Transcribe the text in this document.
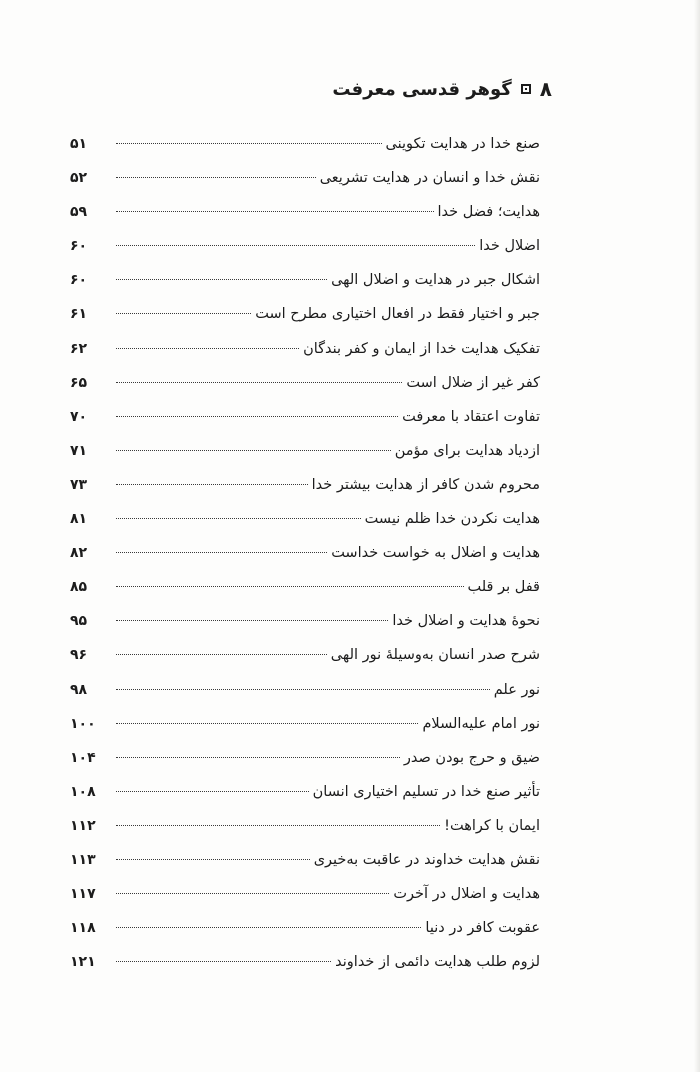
۸
گوهر قدسی معرفت
صنع خدا در هدایت تکوینی
۵۱
نقش خدا و انسان در هدایت تشریعی
۵۲
هدایت؛ فضل خدا
۵۹
اضلال خدا
۶۰
اشکال جبر در هدایت و اضلال الهی
۶۰
جبر و اختیار فقط در افعال اختیاری مطرح است
۶۱
تفکیک هدایت خدا از ایمان و کفر بندگان
۶۲
کفر غیر از ضلال است
۶۵
تفاوت اعتقاد با معرفت
۷۰
ازدیاد هدایت برای مؤمن
۷۱
محروم شدن کافر از هدایت بیشتر خدا
۷۳
هدایت نکردن خدا ظلم نیست
۸۱
هدایت و اضلال به خواست خداست
۸۲
قفل بر قلب
۸۵
نحوهٔ هدایت و اضلال خدا
۹۵
شرح صدر انسان به‌وسیلهٔ نور الهی
۹۶
نور علم
۹۸
نور امام علیه‌السلام
۱۰۰
ضیق و حرج بودن صدر
۱۰۴
تأثیر صنع خدا در تسلیم اختیاری انسان
۱۰۸
ایمان با کراهت!
۱۱۲
نقش هدایت خداوند در عاقبت به‌خیری
۱۱۳
هدایت و اضلال در آخرت
۱۱۷
عقوبت کافر در دنیا
۱۱۸
لزوم طلب هدایت دائمی از خداوند
۱۲۱
